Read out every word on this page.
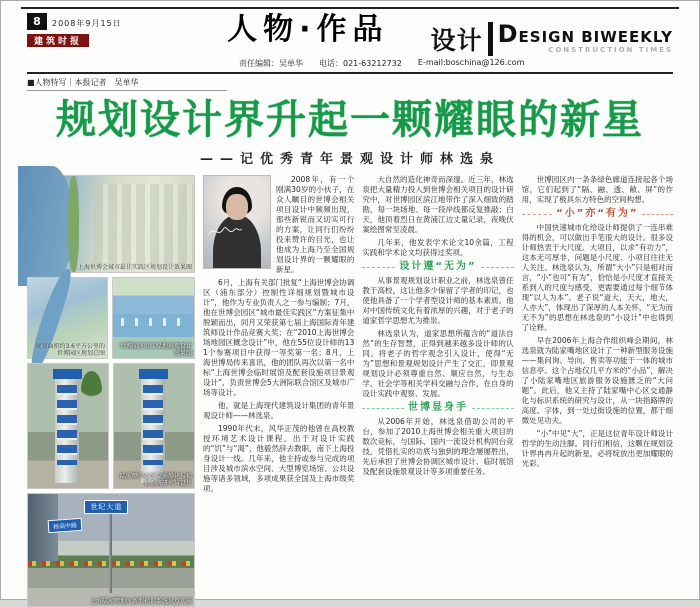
8	2008年9月15日
建筑时报	人物·作品	设计 DESIGN BIWEEKLY
CONSTRUCTION TIMES
责任编辑：吴单华 电话：021-63212732 E-mail:boschina@126.com
■人物特写｜本报记者　吴单华
规划设计界升起一颗耀眼的新星
——记优秀青年景观设计师林选泉
上海世博会城市最佳实践区规划设计效果图
规划面积约3.6平方公里的世博园区规划总图
世博园区滨江绿地景观设计效果图
陆家嘴中心区交通静化与标识系统研究与设计
世纪大道
杨高中路
上海陆家嘴地区新型标识系统试点实景

2008年，有一个刚满30岁的小伙子，在众人瞩目的世博会相关项目设计中频频出现，那些新锐而又切实可行的方案，让同行们纷纷投来赞许的目光，也让他成为上海乃至全国规划设计界的一颗耀眼的新星。

6月，上海有关部门批复“上海世博会协调区（浦东部分）控制性详细规划暨城市设计”，他作为专业负责人之一参与编制；7月，他在世博会园区“城市最佳实践区”方案征集中脱颖而出，同月又荣获第七届上海国际青年建筑师设计作品竞赛大奖；在“2010上海世博会场地园区概念设计”中，他在55位设计师的131个参赛项目中获得一等奖第一名；8月，上海世博局传来喜讯，他的团队再次以第一名中标“上海世博会临时展馆及配套设施项目景观设计”，负责世博会5大洲际联合馆区及城市广场等设计。

他，就是上海现代建筑设计集团的青年景观设计师——林选泉。

1990年代末，风华正茂的他曾在高校教授环境艺术设计课程，出于对设计实践的“饥”与“渴”，他毅然辞去教职，南下上海投身设计一线。几年来，他主持或参与完成的项目涉及城市滨水空间、大型博览场馆、公共设施等诸多领域，多项成果获全国及上海市级奖项。

大自然的造化神奇而深邃。近三年，林选泉把大量精力投入到世博会相关项目的设计研究中，对世博园区滨江地带作了深入细致的踏勘，每一块场地、每一段岸线都反复推敲；白天，他顶着烈日在黄浦江边丈量记录，夜晚伏案绘图常至凌晨。

几年来，他发表学术论文10余篇，工程实践和学术论文均获得过奖项。

设计遵“无为”

从事景观规划设计职业之前，林选泉曾任教于高校，这让他多少保留了学者的印记，也使他具备了一个学者型设计师的基本素质。他对中国传统文化有着浓厚的兴趣，对于老子的道家哲学思想尤为推崇。

林选泉认为，道家思想所蕴含的“道法自然”的生存智慧，正得到越来越多设计师的认同。将老子的哲学观念引入设计，使得“无为”思想和景观规划设计产生了交汇，即景观规划设计必须尊重自然、顺应自然，与生态学、社会学等相关学科交融与合作，在自身的设计实践中观察、发展。

世博显身手

从2006年开始，林选泉借助公司的平台，参加了2010上海世博会相关重大项目的数次竞标，与国际、国内一流设计机构同台竞技，凭借扎实的功底与独到的理念屡屡胜出，先后承担了世博会协调区城市设计、临时展馆及配套设施景观设计等多项重要任务。

世博园区内一条条绿色廊道连接起各个场馆，它们起到了“隔、融、透、敞、屏”的作用，实现了极具东方特色的空间构想。

“小”亦“有为”

中国快速城市化给设计师提供了一连串难得的机会，可以做出手笔很大的设计。很多设计师热衷于大尺度、大项目，以求“有功力”，这本无可厚非，问题是小尺度、小项目往往无人关注。林选泉认为，所谓“大小”只是相对而言，“小”也可“有为”，恰恰是小尺度才直接关系到人的尺度与感受，更需要通过每个细节体现“以人为本”。老子说“道大，天大，地大，人亦大”，体现出了深厚的人本关怀，“无为而无不为”的思想在林选泉的“小设计”中也得到了诠释。

早在2006年上海合作组织峰会期间，林选泉就为陆家嘴地区设计了一种新型服务设施——集问询、导向、售卖等功能于一体的城市信息亭。这个占地仅几平方米的“小品”，解决了小陆家嘴地区旅游服务设施匮乏的“大问题”。此后，他又主持了陆家嘴中心区交通静化与标识系统的研究与设计，从一块指路牌的高度、字体，到一处过街设施的位置，都于细微处见功夫。

“小”中见“大”，正是这位青年设计师设计哲学的生动注脚。同行们相信，这颗在规划设计界冉冉升起的新星，必将绽放出更加耀眼的光彩。
